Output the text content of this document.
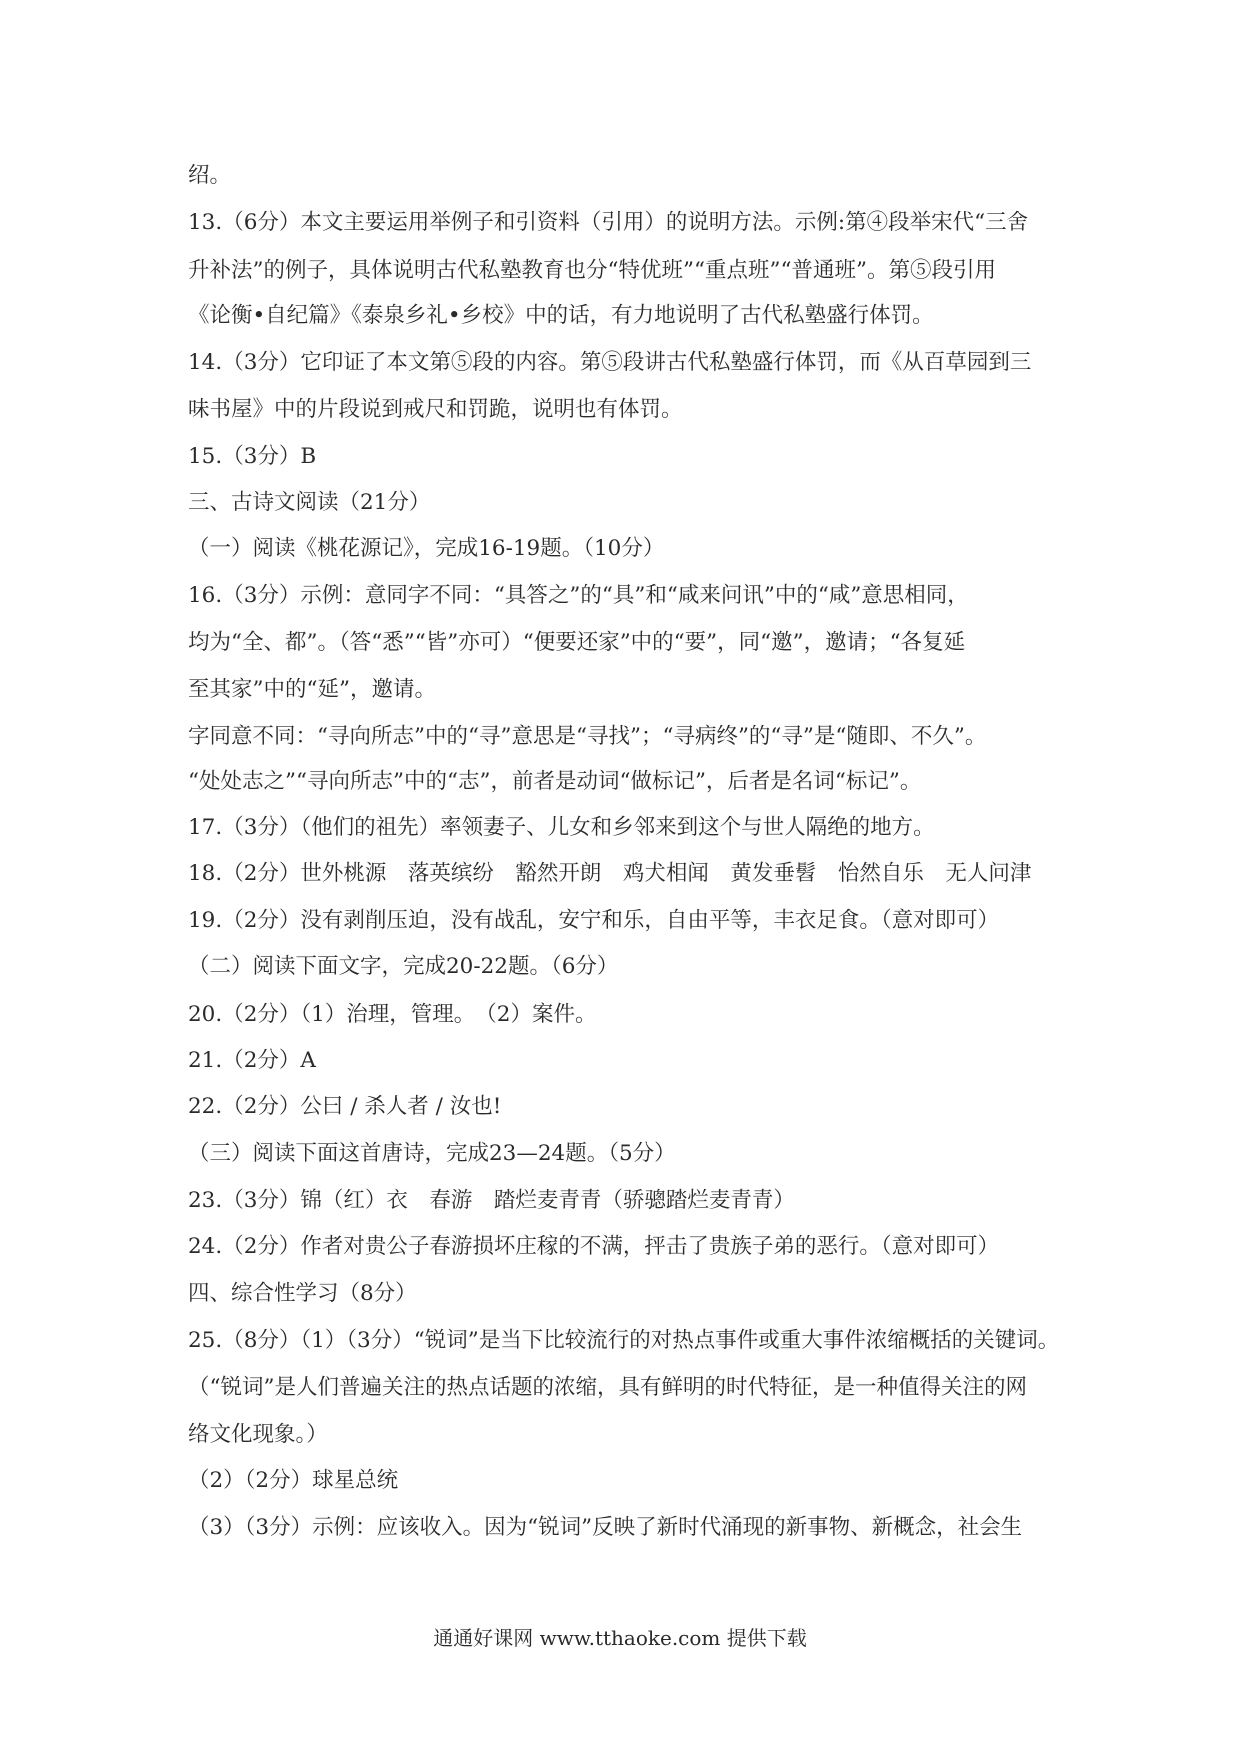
绍。
13.（6分）本文主要运用举例子和引资料（引用）的说明方法。示例:第④段举宋代“三舍
升补法”的例子，具体说明古代私塾教育也分“特优班”“重点班”“普通班”。第⑤段引用
《论衡•自纪篇》《泰泉乡礼•乡校》中的话，有力地说明了古代私塾盛行体罚。
14.（3分）它印证了本文第⑤段的内容。第⑤段讲古代私塾盛行体罚，而《从百草园到三
味书屋》中的片段说到戒尺和罚跪，说明也有体罚。
15.（3分）B
三、古诗文阅读（21分）
（一）阅读《桃花源记》，完成16-19题。（10分）
16.（3分）示例：意同字不同：“具答之”的“具”和“咸来问讯”中的“咸”意思相同，
均为“全、都”。（答“悉”“皆”亦可）“便要还家”中的“要”，同“邀”，邀请；“各复延
至其家”中的“延”，邀请。
字同意不同：“寻向所志”中的“寻”意思是“寻找”；“寻病终”的“寻”是“随即、不久”。
“处处志之”“寻向所志”中的“志”，前者是动词“做标记”，后者是名词“标记”。
17.（3分）（他们的祖先）率领妻子、儿女和乡邻来到这个与世人隔绝的地方。
18.（2分）世外桃源　落英缤纷　豁然开朗　鸡犬相闻　黄发垂髫　怡然自乐　无人问津
19.（2分）没有剥削压迫，没有战乱，安宁和乐，自由平等，丰衣足食。（意对即可）
（二）阅读下面文字，完成20-22题。（6分）
20.（2分）（1）治理，管理。　（2）案件。
21.（2分）A
22.（2分）公曰 / 杀人者 / 汝也!
（三）阅读下面这首唐诗，完成23—24题。（5分）
23.（3分）锦（红）衣　春游　踏烂麦青青（骄骢踏烂麦青青）
24.（2分）作者对贵公子春游损坏庄稼的不满，抨击了贵族子弟的恶行。（意对即可）
四、综合性学习（8分）
25.（8分）（1）（3分）“锐词”是当下比较流行的对热点事件或重大事件浓缩概括的关键词。
（“锐词”是人们普遍关注的热点话题的浓缩，具有鲜明的时代特征，是一种值得关注的网
络文化现象。）
（2）（2分）球星总统
（3）（3分）示例：应该收入。因为“锐词”反映了新时代涌现的新事物、新概念，社会生
通通好课网 www.tthaoke.com 提供下载
